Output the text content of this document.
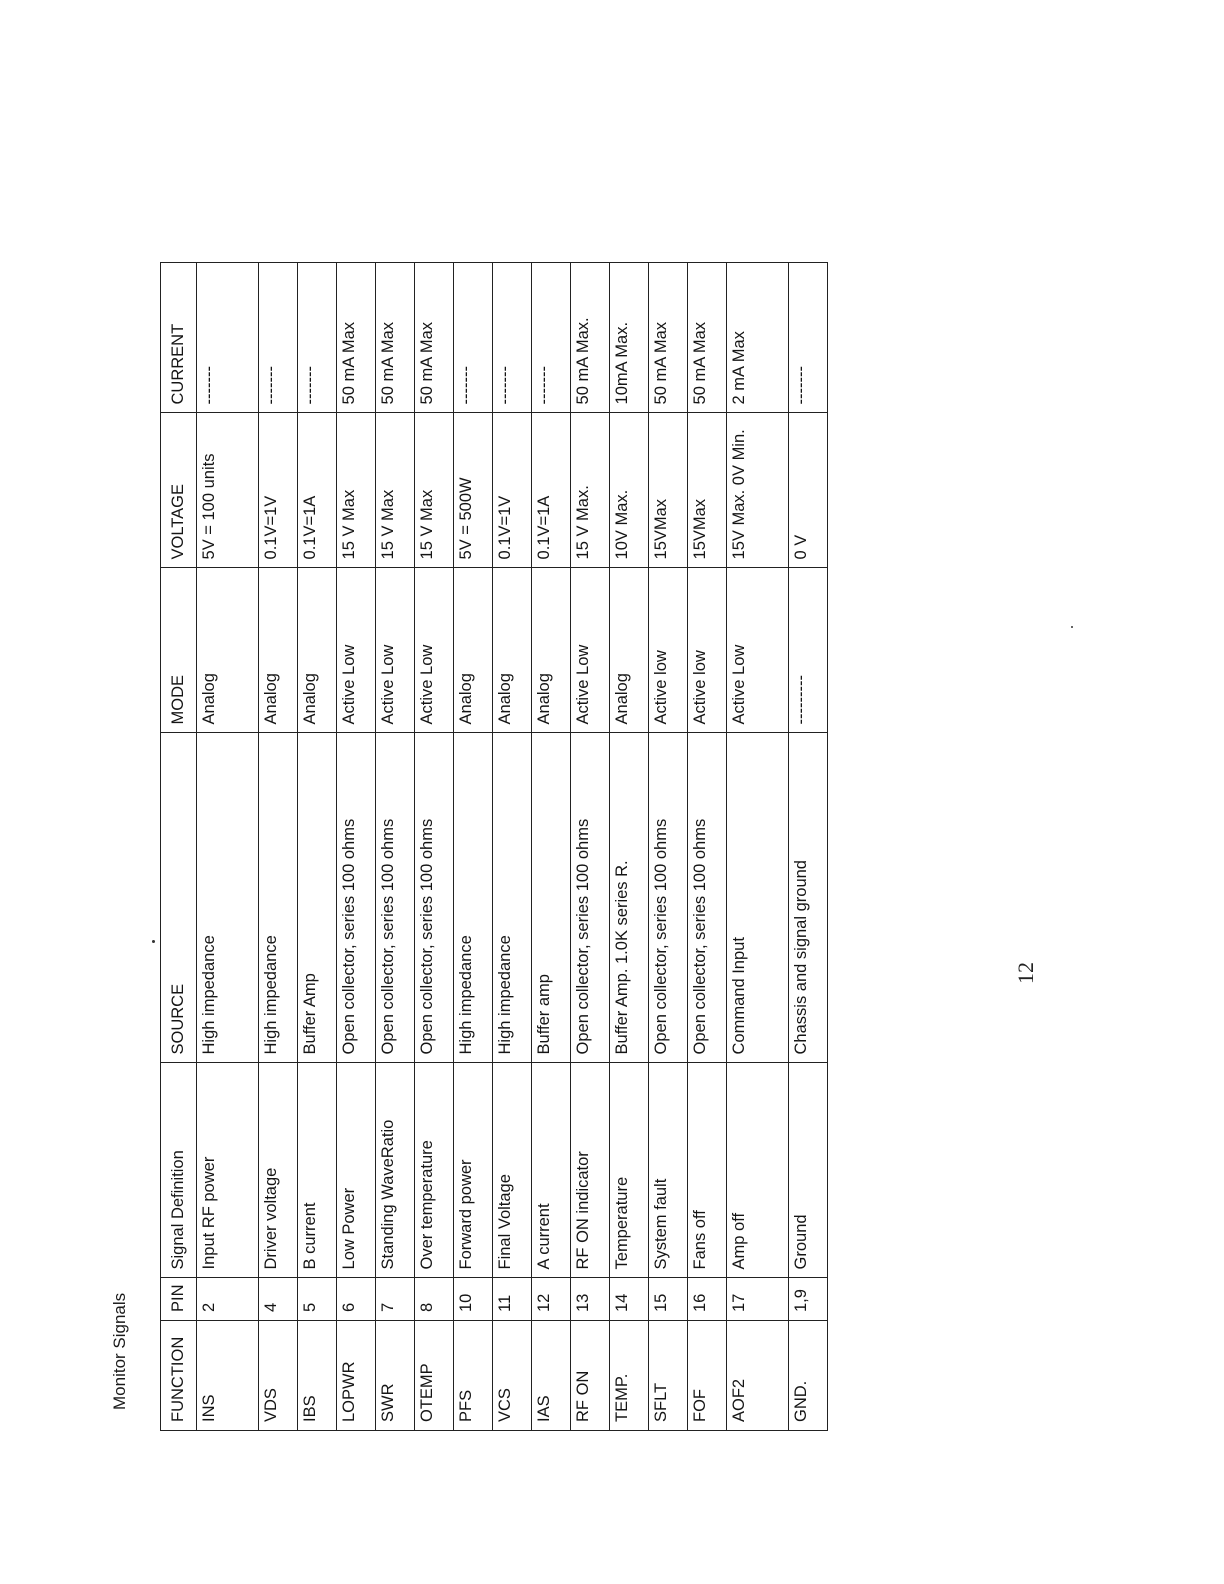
Monitor Signals FUNCTION	PIN	Signal Definition	SOURCE	MODE	VOLTAGE	CURRENT
INS	2	Input RF power	High impedance	Analog	5V = 100 units	-------
VDS	4	Driver voltage	High impedance	Analog	0.1V=1V	-------
IBS	5	B current	Buffer Amp	Analog	0.1V=1A	-------
LOPWR	6	Low Power	Open collector, series 100 ohms	Active Low	15 V Max	50 mA Max
SWR	7	Standing WaveRatio	Open collector, series 100 ohms	Active Low	15 V Max	50 mA Max
OTEMP	8	Over temperature	Open collector, series 100 ohms	Active Low	15 V Max	50 mA Max
PFS	10	Forward power	High impedance	Analog	5V = 500W	-------
VCS	11	Final Voltage	High impedance	Analog	0.1V=1V	-------
IAS	12	A current	Buffer amp	Analog	0.1V=1A	-------
RF ON	13	RF ON indicator	Open collector, series 100 ohms	Active Low	15 V Max.	50 mA Max.
TEMP.	14	Temperature	Buffer Amp. 1.0K series R.	Analog	10V Max.	10mA Max.
SFLT	15	System fault	Open collector, series 100 ohms	Active low	15VMax	50 mA Max
FOF	16	Fans off	Open collector, series 100 ohms	Active low	15VMax	50 mA Max
AOF2	17	Amp off	Command Input	Active Low	15V Max. 0V Min.	2 mA Max
GND.	1,9	Ground	Chassis and signal ground	---------	0 V	-------
12
